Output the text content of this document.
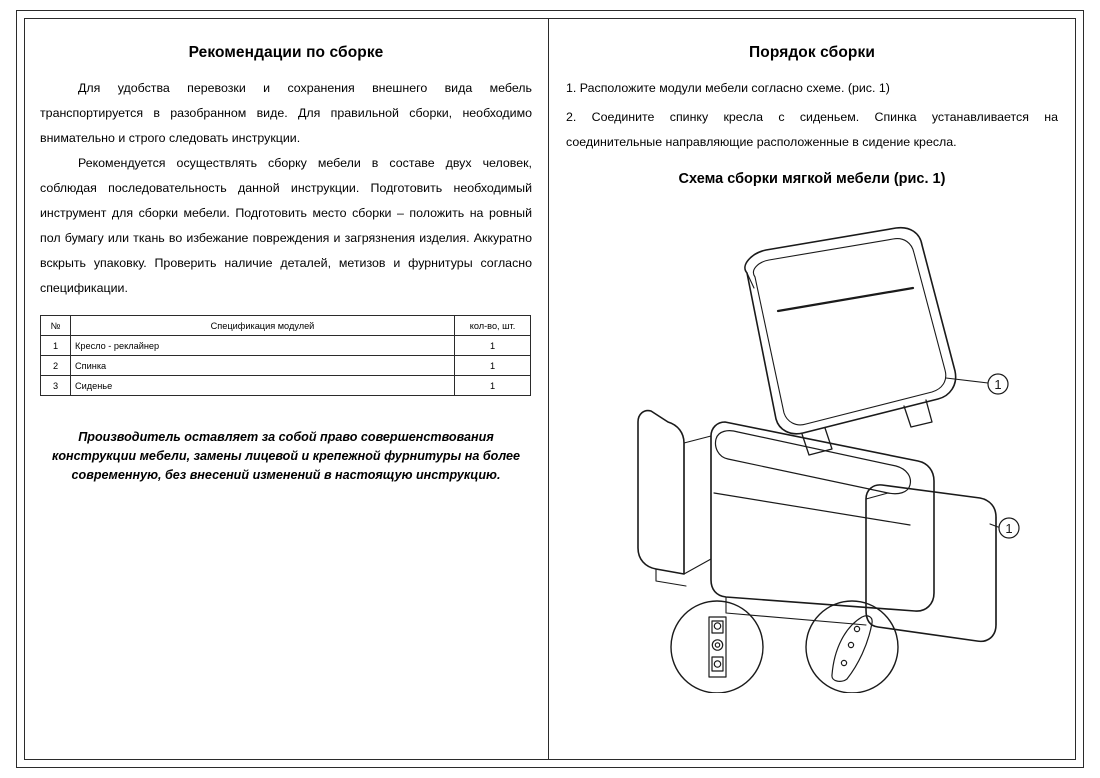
Рекомендации по сборке

Для удобства перевозки и сохранения внешнего вида мебель транспортируется в разобранном виде. Для правильной сборки, необходимо внимательно и строго следовать инструкции.

Рекомендуется осуществлять сборку мебели в составе двух человек, соблюдая последовательность данной инструкции. Подготовить необходимый инструмент для сборки мебели. Подготовить место сборки – положить на ровный пол бумагу или ткань во избежание повреждения и загрязнения изделия. Аккуратно вскрыть упаковку. Проверить наличие деталей, метизов и фурнитуры согласно спецификации.

№	Спецификация модулей	кол-во, шт.
1	Кресло - реклайнер	1
2	Спинка	1
3	Сиденье	1

Производитель оставляет за собой право совершенствования конструкции мебели, замены лицевой и крепежной фурнитуры на более современную, без внесений изменений в настоящую инструкцию.

Порядок сборки

1. Расположите модули мебели согласно схеме. (рис. 1)

2. Соедините спинку кресла с сиденьем. Спинка устанавливается на соединительные направляющие расположенные в сидение кресла.

Схема сборки мягкой мебели (рис. 1)
1
1
